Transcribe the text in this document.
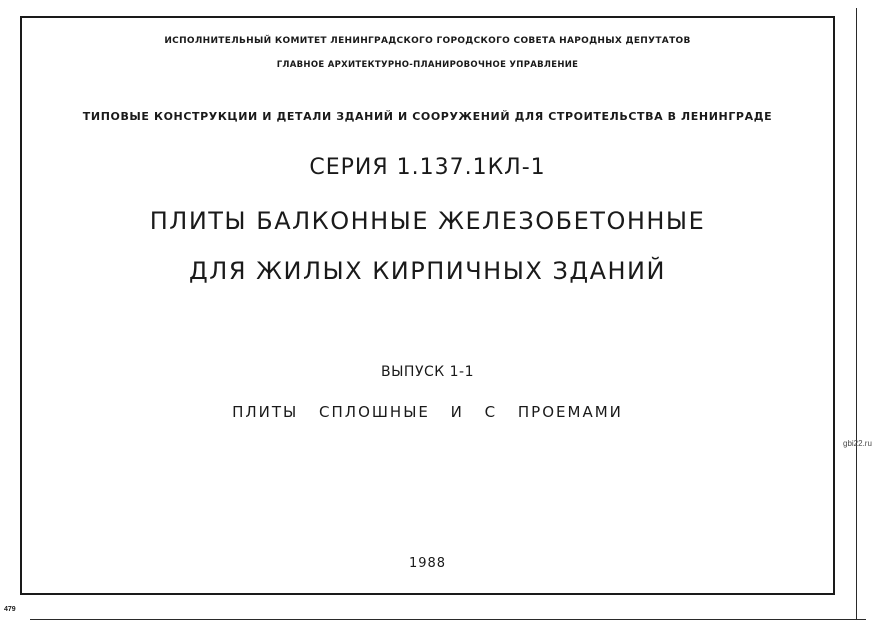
ИСПОЛНИТЕЛЬНЫЙ КОМИТЕТ ЛЕНИНГРАДСКОГО ГОРОДСКОГО СОВЕТА НАРОДНЫХ ДЕПУТАТОВ
ГЛАВНОЕ АРХИТЕКТУРНО-ПЛАНИРОВОЧНОЕ УПРАВЛЕНИЕ
ТИПОВЫЕ КОНСТРУКЦИИ И ДЕТАЛИ ЗДАНИЙ И СООРУЖЕНИЙ ДЛЯ СТРОИТЕЛЬСТВА В ЛЕНИНГРАДЕ
СЕРИЯ 1.137.1КЛ-1
ПЛИТЫ БАЛКОННЫЕ ЖЕЛЕЗОБЕТОННЫЕ
ДЛЯ ЖИЛЫХ КИРПИЧНЫХ ЗДАНИЙ
ВЫПУСК 1-1
ПЛИТЫ СПЛОШНЫЕ И С ПРОЕМАМИ
1988
gbi22.ru
479
